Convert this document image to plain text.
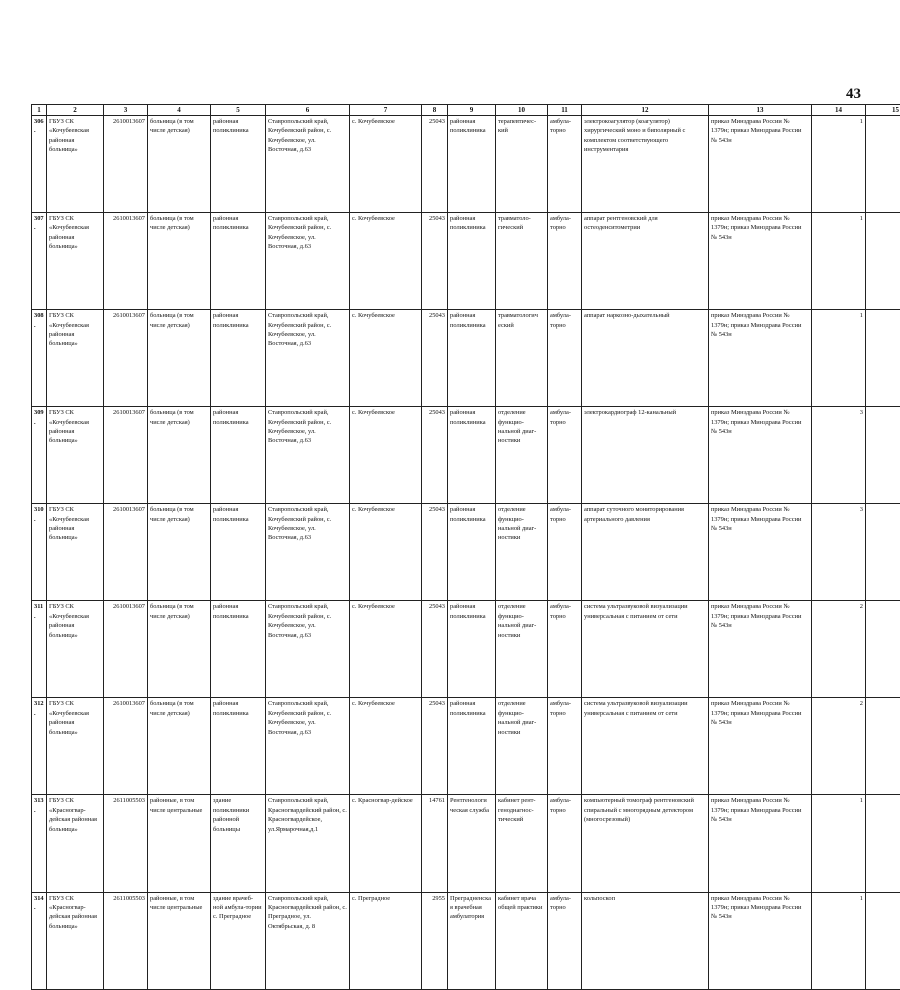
43
1	2	3	4	5	6	7	8	9	10	11	12	13	14	15	
306.	ГБУЗ СК «Кочубеевская районная больница»	2610013607	больница (в том числе детская)	районная поликлиника	Ставропольский край, Кочубеевский район, с. Кочубеевское, ул. Восточная, д.63	с. Кочубеевское	25043	районная поликлиника	терапевтичес-кий	амбула-торно	электрокоагулятор (коагулятор) хирургический моно и биполярный с комплектом соответствующего инструментария	приказ Минздрава России № 1379н; приказ Минздрава России № 543н	1		
307.	ГБУЗ СК «Кочубеевская районная больница»	2610013607	больница (в том числе детская)	районная поликлиника	Ставропольский край, Кочубеевский район, с. Кочубеевское, ул. Восточная, д.63	с. Кочубеевское	25043	районная поликлиника	травматоло-гический	амбула-торно	аппарат рентгеновский для остеоденситометрии	приказ Минздрава России № 1379н; приказ Минздрава России № 543н	1		
308.	ГБУЗ СК «Кочубеевская районная больница»	2610013607	больница (в том числе детская)	районная поликлиника	Ставропольский край, Кочубеевский район, с. Кочубеевское, ул. Восточная, д.63	с. Кочубеевское	25043	районная поликлиника	травматологич еский	амбула-торно	аппарат наркозно-дыхательный	приказ Минздрава России № 1379н; приказ Минздрава России № 543н	1		
309.	ГБУЗ СК «Кочубеевская районная больница»	2610013607	больница (в том числе детская)	районная поликлиника	Ставропольский край, Кочубеевский район, с. Кочубеевское, ул. Восточная, д.63	с. Кочубеевское	25043	районная поликлиника	отделение функцио-нальной диаг-ностики	амбула-торно	электрокардиограф 12-канальный	приказ Минздрава России № 1379н; приказ Минздрава России № 543н	3		
310.	ГБУЗ СК «Кочубеевская районная больница»	2610013607	больница (в том числе детская)	районная поликлиника	Ставропольский край, Кочубеевский район, с. Кочубеевское, ул. Восточная, д.63	с. Кочубеевское	25043	районная поликлиника	отделение функцио-нальной диаг-ностики	амбула-торно	аппарат суточного мониторирования артериального давления	приказ Минздрава России № 1379н; приказ Минздрава России № 543н	3		
311.	ГБУЗ СК «Кочубеевская районная больница»	2610013607	больница (в том числе детская)	районная поликлиника	Ставропольский край, Кочубеевский район, с. Кочубеевское, ул. Восточная, д.63	с. Кочубеевское	25043	районная поликлиника	отделение функцио-нальной диаг-ностики	амбула-торно	система ультразвуковой визуализации универсальная с питанием от сети	приказ Минздрава России № 1379н; приказ Минздрава России № 543н	2		
312.	ГБУЗ СК «Кочубеевская районная больница»	2610013607	больница (в том числе детская)	районная поликлиника	Ставропольский край, Кочубеевский район, с. Кочубеевское, ул. Восточная, д.63	с. Кочубеевское	25043	районная поликлиника	отделение функцио-нальной диаг-ностики	амбула-торно	система ультразвуковой визуализации универсальная с питанием от сети	приказ Минздрава России № 1379н; приказ Минздрава России № 543н	2		
313.	ГБУЗ СК «Красногвар-дейская районная больница»	2611005503	районные, в том числе центральные	здание поликлиники районной больницы	Ставропольский край, Красногвардейский район, с. Красногвардейское, ул.Ярмарочная,д.1	с. Красногвар-дейское	14761	Рентгенологи ческая служба	кабинет рент-геноднагнос-тический	амбула-торно	компьютерный томограф рентгеновский спиральный с многорядным детектором (многосрезовый)	приказ Минздрава России № 1379н; приказ Минздрава России № 543н	1		
314.	ГБУЗ СК «Красногвар-дейская районная больница»	2611005503	районные, в том числе центральные	здание врачеб-ной амбула-тории с. Преградное	Ставропольский край, Красногвардейский район, с. Преградное, ул. Октябрьская, д. 8	с. Преградное	2955	Преградненская врачебная амбулатория	кабинет врача общей практики	амбула-торно	кольпоскоп	приказ Минздрава России № 1379н; приказ Минздрава России № 543н	1		
